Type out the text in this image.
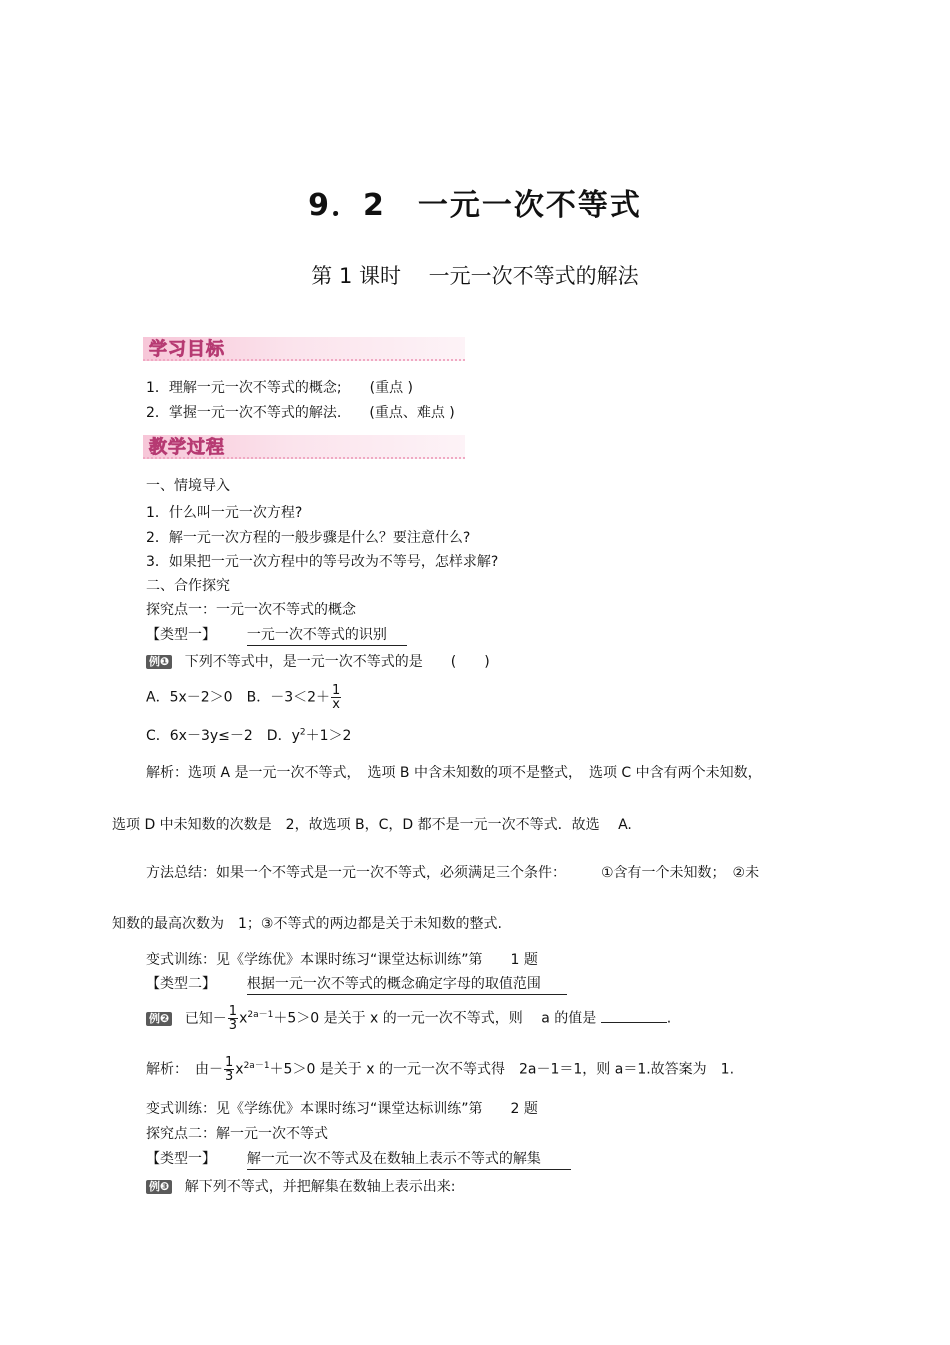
9．2　一元一次不等式
第 1 课时　 一元一次不等式的解法
学习目标
1．理解一元一次不等式的概念;　　(重点 )
2．掌握一元一次不等式的解法.　　(重点、难点 )
教学过程
一、情境导入
1．什么叫一元一次方程?
2．解一元一次方程的一般步骤是什么？要注意什么?
3．如果把一元一次方程中的等号改为不等号，怎样求解?
二、合作探究
探究点一：一元一次不等式的概念
【类型一】 一元一次不等式的识别
例❶ 下列不等式中，是一元一次不等式的是　　(　　)
A．5x－2＞0　B．$-3<2+ \frac{1}{x}$
C．6x－3y≤－2　D．$y^2+1>2$
解析：选项 A 是一元一次不等式，　选项 B 中含未知数的项不是整式，　选项 C 中含有两个未知数，
选项 D 中未知数的次数是　2，故选项 B，C，D 都不是一元一次不等式．故选　 A.
方法总结：如果一个不等式是一元一次不等式，必须满足三个条件：　　　①含有一个未知数；　②未
知数的最高次数为　1；③不等式的两边都是关于未知数的整式.
变式训练：见《学练优》本课时练习“课堂达标训练”第　　1 题
【类型二】 根据一元一次不等式的概念确定字母的取值范围
例❷ 已知－ $\frac{1}{3} x^{2a-1}+5>0$ 是关于 x 的一元一次不等式，则　 a 的值是	.
解析：　由－ $\frac{1}{3} x^{2a-1}+5>0$ 是关于 x 的一元一次不等式得　2a－1＝1，则 a＝1.故答案为　1.
变式训练：见《学练优》本课时练习“课堂达标训练”第　　2 题
探究点二：解一元一次不等式
【类型一】 解一元一次不等式及在数轴上表示不等式的解集
例❸ 解下列不等式，并把解集在数轴上表示出来:
